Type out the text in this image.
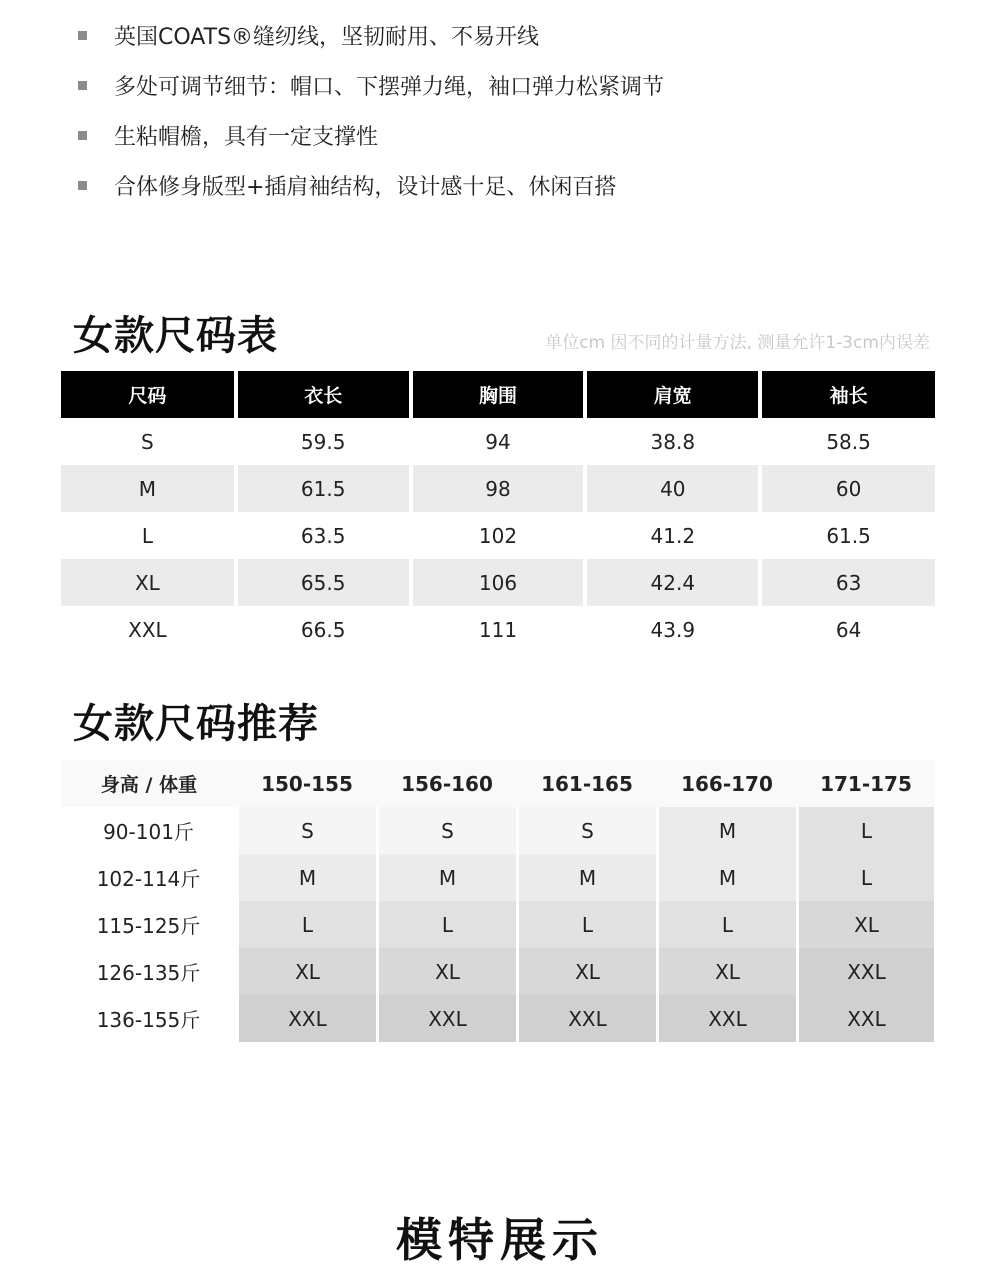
英国COATS®缝纫线，坚韧耐用、不易开线
多处可调节细节：帽口、下摆弹力绳，袖口弹力松紧调节
生粘帽檐，具有一定支撑性
合体修身版型+插肩袖结构，设计感十足、休闲百搭
女款尺码表	单位cm 因不同的计量方法, 测量允许1-3cm内误差
尺码	衣长	胸围	肩宽	袖长
S	59.5	94	38.8	58.5
M	61.5	98	40	60
L	63.5	102	41.2	61.5
XL	65.5	106	42.4	63
XXL	66.5	111	43.9	64
女款尺码推荐
身高 / 体重	150-155	156-160	161-165	166-170	171-175
90-101斤	S	S	S	M	L
102-114斤	M	M	M	M	L
115-125斤	L	L	L	L	XL
126-135斤	XL	XL	XL	XL	XXL
136-155斤	XXL	XXL	XXL	XXL	XXL
模特展示
